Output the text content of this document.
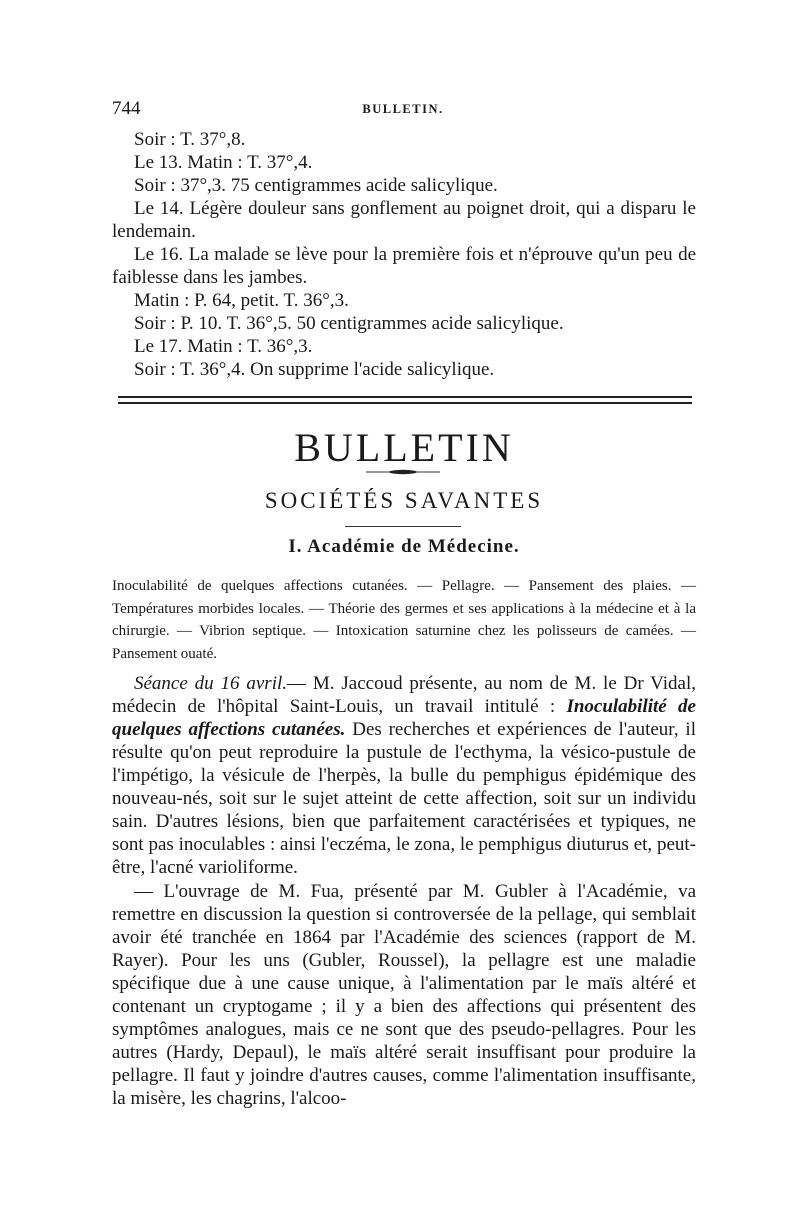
744	BULLETIN.

Soir : T. 37°,8.

Le 13. Matin : T. 37°,4.

Soir : 37°,3. 75 centigrammes acide salicylique.

Le 14. Légère douleur sans gonflement au poignet droit, qui a disparu le lendemain.

Le 16. La malade se lève pour la première fois et n'éprouve qu'un peu de faiblesse dans les jambes.

Matin : P. 64, petit. T. 36°,3.

Soir : P. 10. T. 36°,5. 50 centigrammes acide salicylique.

Le 17. Matin : T. 36°,3.

Soir : T. 36°,4. On supprime l'acide salicylique.

BULLETIN
SOCIÉTÉS SAVANTES
I. Académie de Médecine.

Inoculabilité de quelques affections cutanées. — Pellagre. — Pansement des plaies. — Températures morbides locales. — Théorie des germes et ses applications à la médecine et à la chirurgie. — Vibrion septique. — Intoxication saturnine chez les polisseurs de camées. — Pansement ouaté.

Séance du 16 avril.— M. Jaccoud présente, au nom de M. le Dr Vidal, médecin de l'hôpital Saint-Louis, un travail intitulé : Inoculabilité de quelques affections cutanées. Des recherches et expériences de l'auteur, il résulte qu'on peut reproduire la pustule de l'ecthyma, la vésico-pustule de l'impétigo, la vésicule de l'herpès, la bulle du pemphigus épidémique des nouveau-nés, soit sur le sujet atteint de cette affection, soit sur un individu sain. D'autres lésions, bien que parfaitement caractérisées et typiques, ne sont pas inoculables : ainsi l'eczéma, le zona, le pemphigus diuturus et, peut-être, l'acné varioliforme.

— L'ouvrage de M. Fua, présenté par M. Gubler à l'Académie, va remettre en discussion la question si controversée de la pellage, qui semblait avoir été tranchée en 1864 par l'Académie des sciences (rapport de M. Rayer). Pour les uns (Gubler, Roussel), la pellagre est une maladie spécifique due à une cause unique, à l'alimentation par le maïs altéré et contenant un cryptogame ; il y a bien des affections qui présentent des symptômes analogues, mais ce ne sont que des pseudo-pellagres. Pour les autres (Hardy, Depaul), le maïs altéré serait insuffisant pour produire la pellagre. Il faut y joindre d'autres causes, comme l'alimentation insuffisante, la misère, les chagrins, l'alcoo-
